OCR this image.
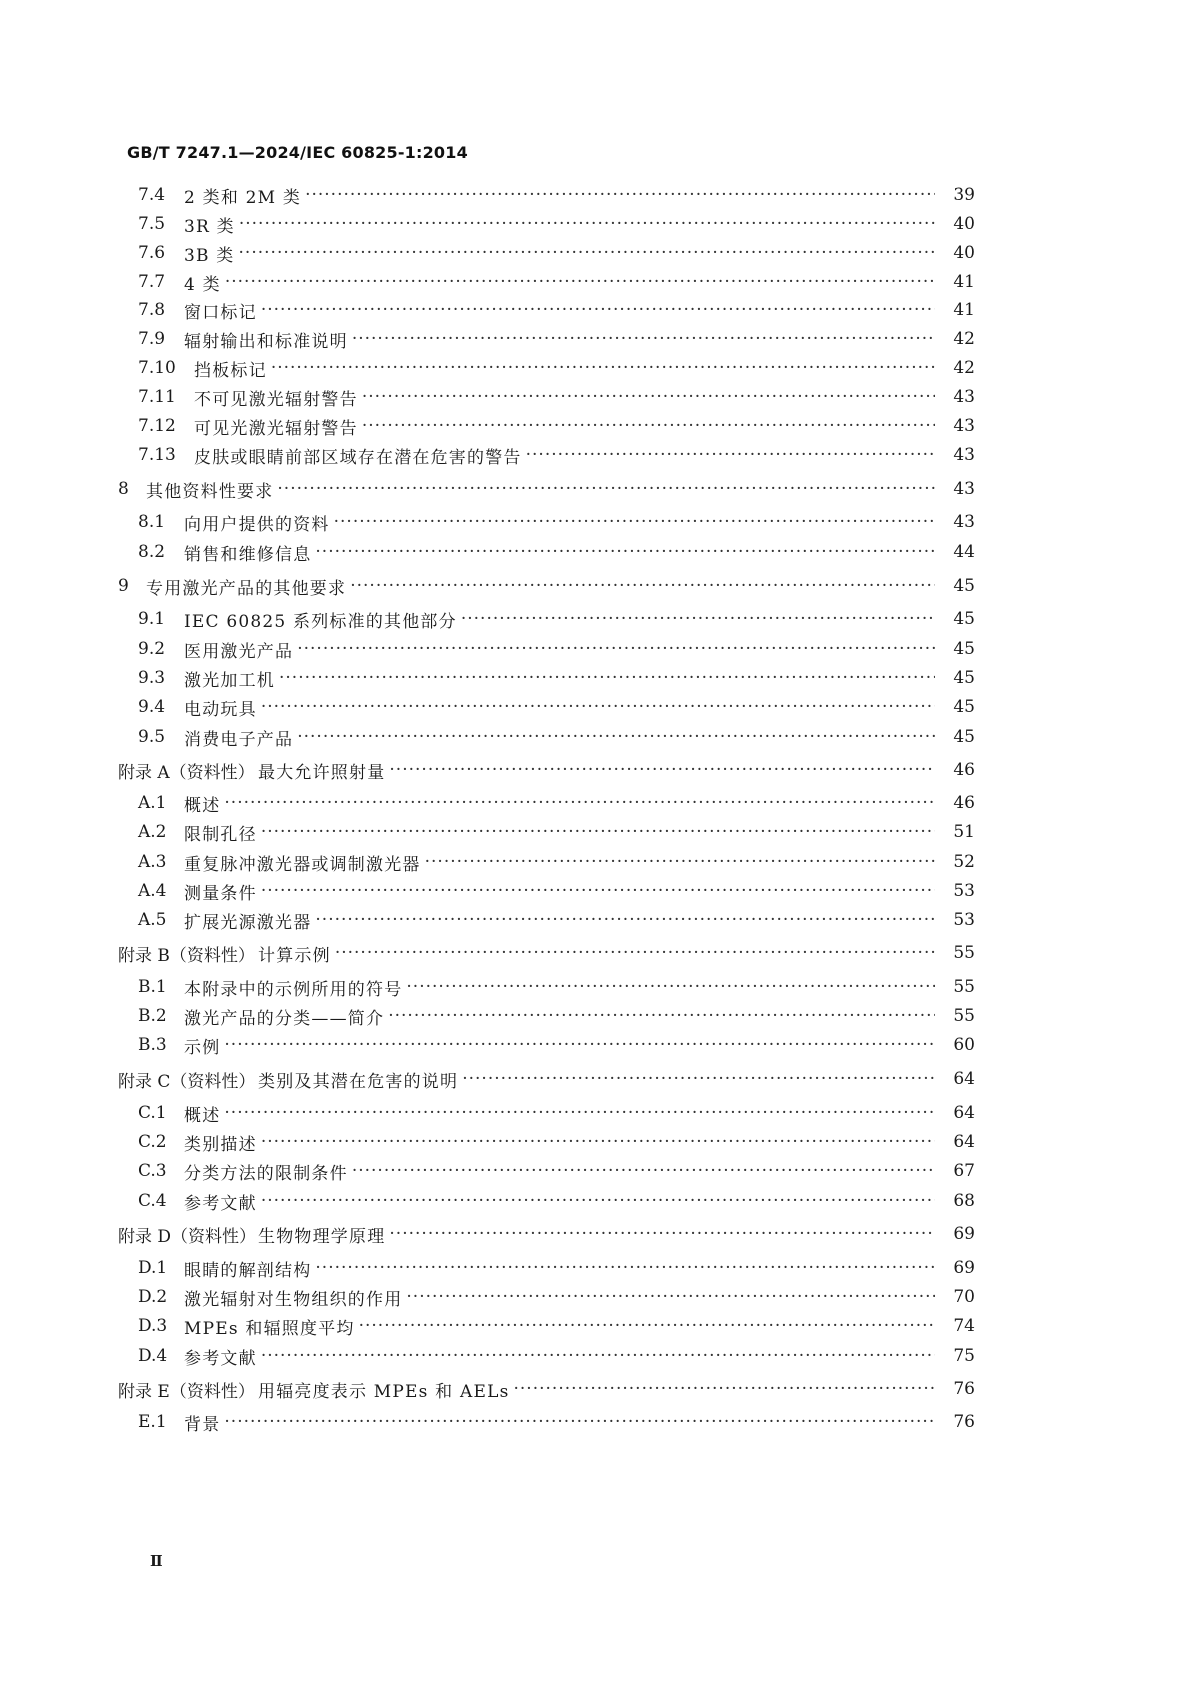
GB/T 7247.1—2024/IEC 60825-1:2014
7.4	2 类和 2M 类 ·····	39
7.5	3R 类 ·····	40
7.6	3B 类 ·····	40
7.7	4 类 ·····	41
7.8	窗口标记 ·····	41
7.9	辐射输出和标准说明 ·····	42
7.10	挡板标记 ·····	42
7.11	不可见激光辐射警告 ·····	43
7.12	可见光激光辐射警告 ·····	43
7.13	皮肤或眼睛前部区域存在潜在危害的警告 ·····	43
8	其他资料性要求 ·····	43
8.1	向用户提供的资料 ·····	43
8.2	销售和维修信息 ·····	44
9	专用激光产品的其他要求 ·····	45
9.1	IEC 60825 系列标准的其他部分 ·····	45
9.2	医用激光产品 ·····	45
9.3	激光加工机 ·····	45
9.4	电动玩具 ·····	45
9.5	消费电子产品 ·····	45
附录 A（资料性） 最大允许照射量 ·····	46
A.1	概述 ·····	46
A.2	限制孔径 ·····	51
A.3	重复脉冲激光器或调制激光器 ·····	52
A.4	测量条件 ·····	53
A.5	扩展光源激光器 ·····	53
附录 B（资料性） 计算示例 ·····	55
B.1	本附录中的示例所用的符号 ·····	55
B.2	激光产品的分类——简介 ·····	55
B.3	示例 ·····	60
附录 C（资料性） 类别及其潜在危害的说明 ·····	64
C.1	概述 ·····	64
C.2	类别描述 ·····	64
C.3	分类方法的限制条件 ·····	67
C.4	参考文献 ·····	68
附录 D（资料性） 生物物理学原理 ·····	69
D.1 眼睛的解剖结构 ·····	69
D.2 激光辐射对生物组织的作用 ·····	70
D.3 MPEs 和辐照度平均 ·····	74
D.4 参考文献 ·····	75
附录 E（资料性） 用辐亮度表示 MPEs 和 AELs ·····	76
E.1	背景 ·····	76
Ⅱ
